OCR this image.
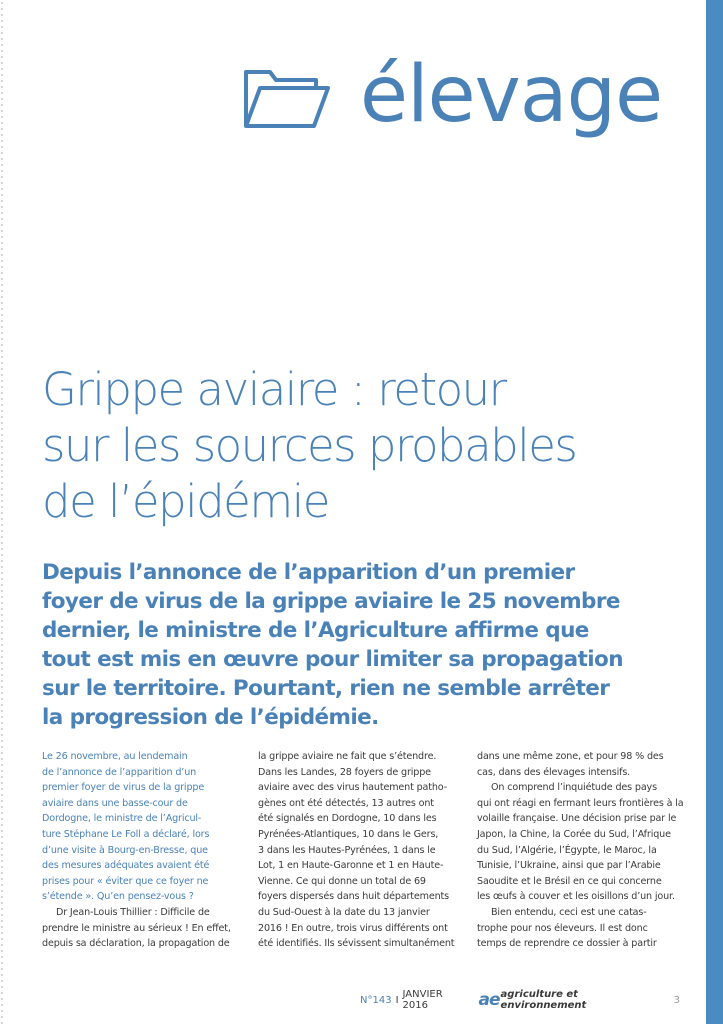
élevage
Grippe aviaire : retour
sur les sources probables
de l’épidémie
Depuis l’annonce de l’apparition d’un premier
foyer de virus de la grippe aviaire le 25 novembre
dernier, le ministre de l’Agriculture affirme que
tout est mis en œuvre pour limiter sa propagation
sur le territoire. Pourtant, rien ne semble arrêter
la progression de l’épidémie.
Le 26 novembre, au lendemain
de l’annonce de l’apparition d’un
premier foyer de virus de la grippe
aviaire dans une basse-cour de
Dordogne, le ministre de l’Agricul-
ture Stéphane Le Foll a déclaré, lors
d’une visite à Bourg-en-Bresse, que
des mesures adéquates avaient été
prises pour « éviter que ce foyer ne
s’étende ». Qu’en pensez-vous ?
Dr Jean-Louis Thillier : Difficile de
prendre le ministre au sérieux ! En effet,
depuis sa déclaration, la propagation de
la grippe aviaire ne fait que s’étendre.
Dans les Landes, 28 foyers de grippe
aviaire avec des virus hautement patho-
gènes ont été détectés, 13 autres ont
été signalés en Dordogne, 10 dans les
Pyrénées-Atlantiques, 10 dans le Gers,
3 dans les Hautes-Pyrénées, 1 dans le
Lot, 1 en Haute-Garonne et 1 en Haute-
Vienne. Ce qui donne un total de 69
foyers dispersés dans huit départements
du Sud-Ouest à la date du 13 janvier
2016 ! En outre, trois virus différents ont
été identifiés. Ils sévissent simultanément
dans une même zone, et pour 98 % des
cas, dans des élevages intensifs.
On comprend l’inquiétude des pays
qui ont réagi en fermant leurs frontières à la
volaille française. Une décision prise par le
Japon, la Chine, la Corée du Sud, l’Afrique
du Sud, l’Algérie, l’Égypte, le Maroc, la
Tunisie, l’Ukraine, ainsi que par l’Arabie
Saoudite et le Brésil en ce qui concerne
les œufs à couver et les oisillons d’un jour.
Bien entendu, ceci est une catas-
trophe pour nos éleveurs. Il est donc
temps de reprendre ce dossier à partir
N°143 I JANVIER 2016	ae agriculture et environnement	3
